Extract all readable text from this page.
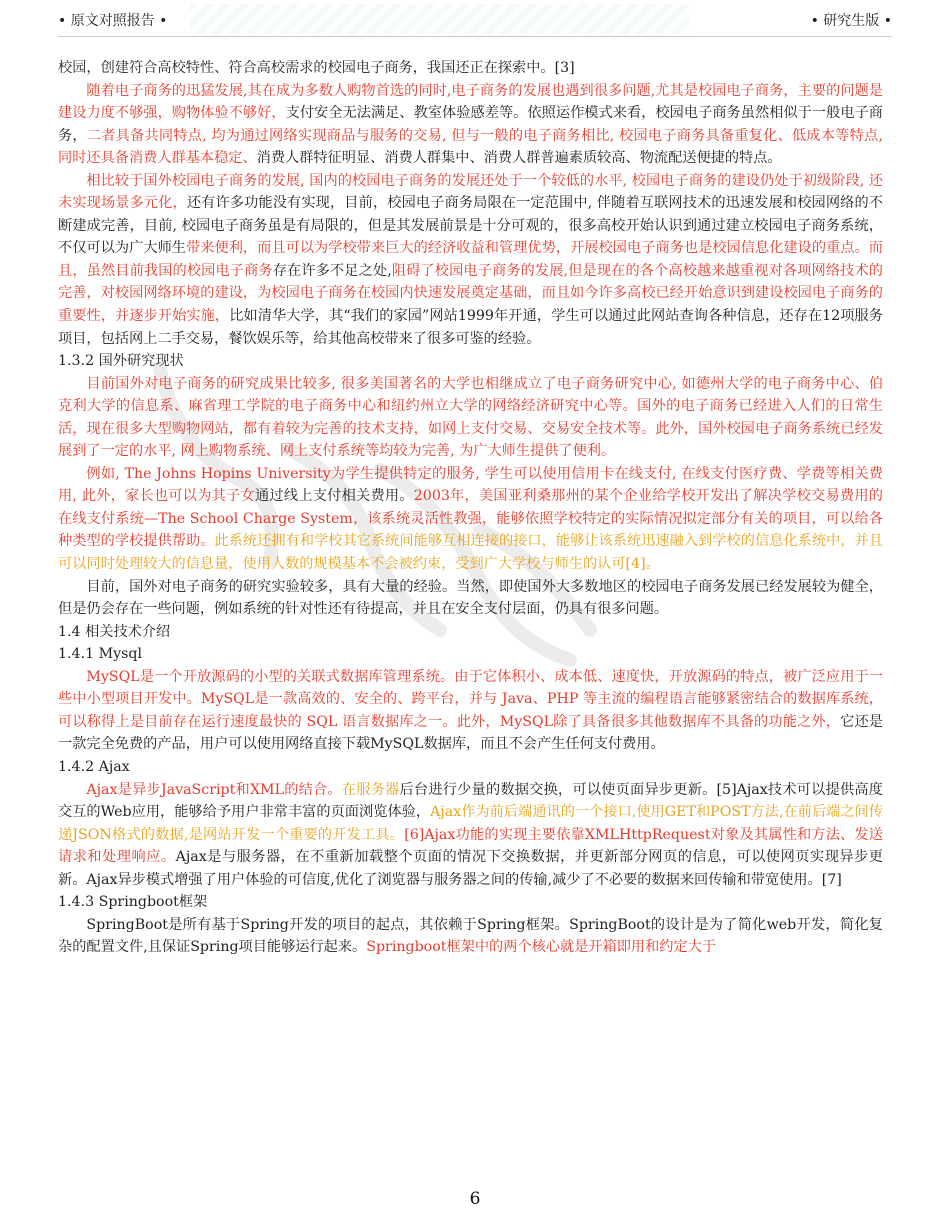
• 原文对照报告 •	• 研究生版 •

校园，创建符合高校特性、符合高校需求的校园电子商务，我国还正在探索中。[3]

随着电子商务的迅猛发展,其在成为多数人购物首选的同时,电子商务的发展也遇到很多问题,尤其是校园电子商务，主要的问题是建设力度不够强，购物体验不够好，支付安全无法满足、教室体验感差等。依照运作模式来看，校园电子商务虽然相似于一般电子商务，二者具备共同特点, 均为通过网络实现商品与服务的交易, 但与一般的电子商务相比, 校园电子商务具备重复化、低成本等特点, 同时还具备消费人群基本稳定、消费人群特征明显、消费人群集中、消费人群普遍素质较高、物流配送便捷的特点。

相比较于国外校园电子商务的发展, 国内的校园电子商务的发展还处于一个较低的水平, 校园电子商务的建设仍处于初级阶段, 还未实现场景多元化，还有许多功能没有实现，目前，校园电子商务局限在一定范围中, 伴随着互联网技术的迅速发展和校园网络的不断建成完善，目前, 校园电子商务虽是有局限的，但是其发展前景是十分可观的，很多高校开始认识到通过建立校园电子商务系统，不仅可以为广大师生带来便利，而且可以为学校带来巨大的经济收益和管理优势，开展校园电子商务也是校园信息化建设的重点。而且，虽然目前我国的校园电子商务存在许多不足之处,阻碍了校园电子商务的发展,但是现在的各个高校越来越重视对各项网络技术的完善，对校园网络环境的建设，为校园电子商务在校园内快速发展奠定基础，而且如今许多高校已经开始意识到建设校园电子商务的重要性，并逐步开始实施，比如清华大学，其“我们的家园”网站1999年开通，学生可以通过此网站查询各种信息，还存在12项服务项目，包括网上二手交易，餐饮娱乐等，给其他高校带来了很多可鉴的经验。

1.3.2 国外研究现状

目前国外对电子商务的研究成果比较多, 很多美国著名的大学也相继成立了电子商务研究中心, 如德州大学的电子商务中心、伯克利大学的信息系、麻省理工学院的电子商务中心和纽约州立大学的网络经济研究中心等。国外的电子商务已经进入人们的日常生活，现在很多大型购物网站，都有着较为完善的技术支持，如网上支付交易、交易安全技术等。此外，国外校园电子商务系统已经发展到了一定的水平, 网上购物系统、网上支付系统等均较为完善, 为广大师生提供了便利。

例如, The Johns Hopins University为学生提供特定的服务, 学生可以使用信用卡在线支付, 在线支付医疗费、学费等相关费用, 此外，家长也可以为其子女通过线上支付相关费用。2003年，美国亚利桑那州的某个企业给学校开发出了解决学校交易费用的在线支付系统—The School Charge System，该系统灵活性教强，能够依照学校特定的实际情况拟定部分有关的项目，可以给各种类型的学校提供帮助。此系统还拥有和学校其它系统间能够互相连接的接口，能够让该系统迅速融入到学校的信息化系统中，并且可以同时处理较大的信息量，使用人数的规模基本不会被约束，受到广大学校与师生的认可[4]。

目前，国外对电子商务的研究实验较多，具有大量的经验。当然，即使国外大多数地区的校园电子商务发展已经发展较为健全，但是仍会存在一些问题，例如系统的针对性还有待提高，并且在安全支付层面，仍具有很多问题。

1.4 相关技术介绍

1.4.1 Mysql

MySQL是一个开放源码的小型的关联式数据库管理系统。由于它体积小、成本低、速度快，开放源码的特点，被广泛应用于一些中小型项目开发中。MySQL是一款高效的、安全的、跨平台，并与 Java、PHP 等主流的编程语言能够紧密结合的数据库系统，可以称得上是目前存在运行速度最快的 SQL 语言数据库之一。此外，MySQL除了具备很多其他数据库不具备的功能之外，它还是一款完全免费的产品，用户可以使用网络直接下载MySQL数据库，而且不会产生任何支付费用。

1.4.2 Ajax

Ajax是异步JavaScript和XML的结合。在服务器后台进行少量的数据交换，可以使页面异步更新。[5]Ajax技术可以提供高度交互的Web应用，能够给予用户非常丰富的页面浏览体验，Ajax作为前后端通讯的一个接口,使用GET和POST方法,在前后端之间传递JSON格式的数据,是网站开发一个重要的开发工具。[6]Ajax功能的实现主要依靠XMLHttpRequest对象及其属性和方法、发送请求和处理响应。Ajax是与服务器，在不重新加载整个页面的情况下交换数据，并更新部分网页的信息，可以使网页实现异步更新。Ajax异步模式增强了用户体验的可信度,优化了浏览器与服务器之间的传输,减少了不必要的数据来回传输和带宽使用。[7]

1.4.3 Springboot框架

SpringBoot是所有基于Spring开发的项目的起点，其依赖于Spring框架。SpringBoot的设计是为了简化web开发，简化复杂的配置文件,且保证Spring项目能够运行起来。Springboot框架中的两个核心就是开箱即用和约定大于

6
